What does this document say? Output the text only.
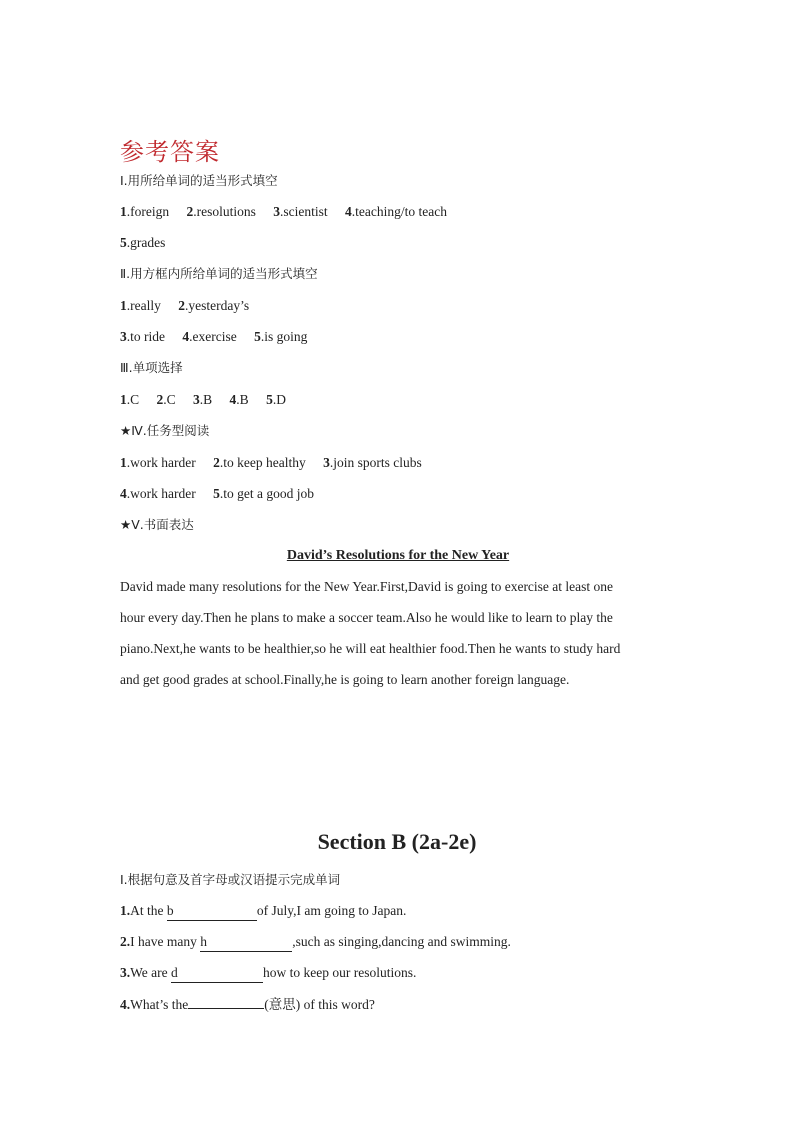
参考答案
Ⅰ.用所给单词的适当形式填空
1.foreign 2.resolutions 3.scientist 4.teaching/to teach
5.grades
Ⅱ.用方框内所给单词的适当形式填空
1.really 2.yesterday’s
3.to ride 4.exercise 5.is going
Ⅲ.单项选择
1.C 2.C 3.B 4.B 5.D
★Ⅳ.任务型阅读
1.work harder 2.to keep healthy 3.join sports clubs
4.work harder 5.to get a good job
★Ⅴ.书面表达
David’s Resolutions for the New Year
David made many resolutions for the New Year.First,David is going to exercise at least one
hour every day.Then he plans to make a soccer team.Also he would like to learn to play the
piano.Next,he wants to be healthier,so he will eat healthier food.Then he wants to study hard
and get good grades at school.Finally,he is going to learn another foreign language.
Section B (2a-2e)
Ⅰ.根据句意及首字母或汉语提示完成单词
1.At the b	of July,I am going to Japan.
2.I have many h	,such as singing,dancing and swimming.
3.We are d	how to keep our resolutions.
4.What’s the	(意思) of this word?
